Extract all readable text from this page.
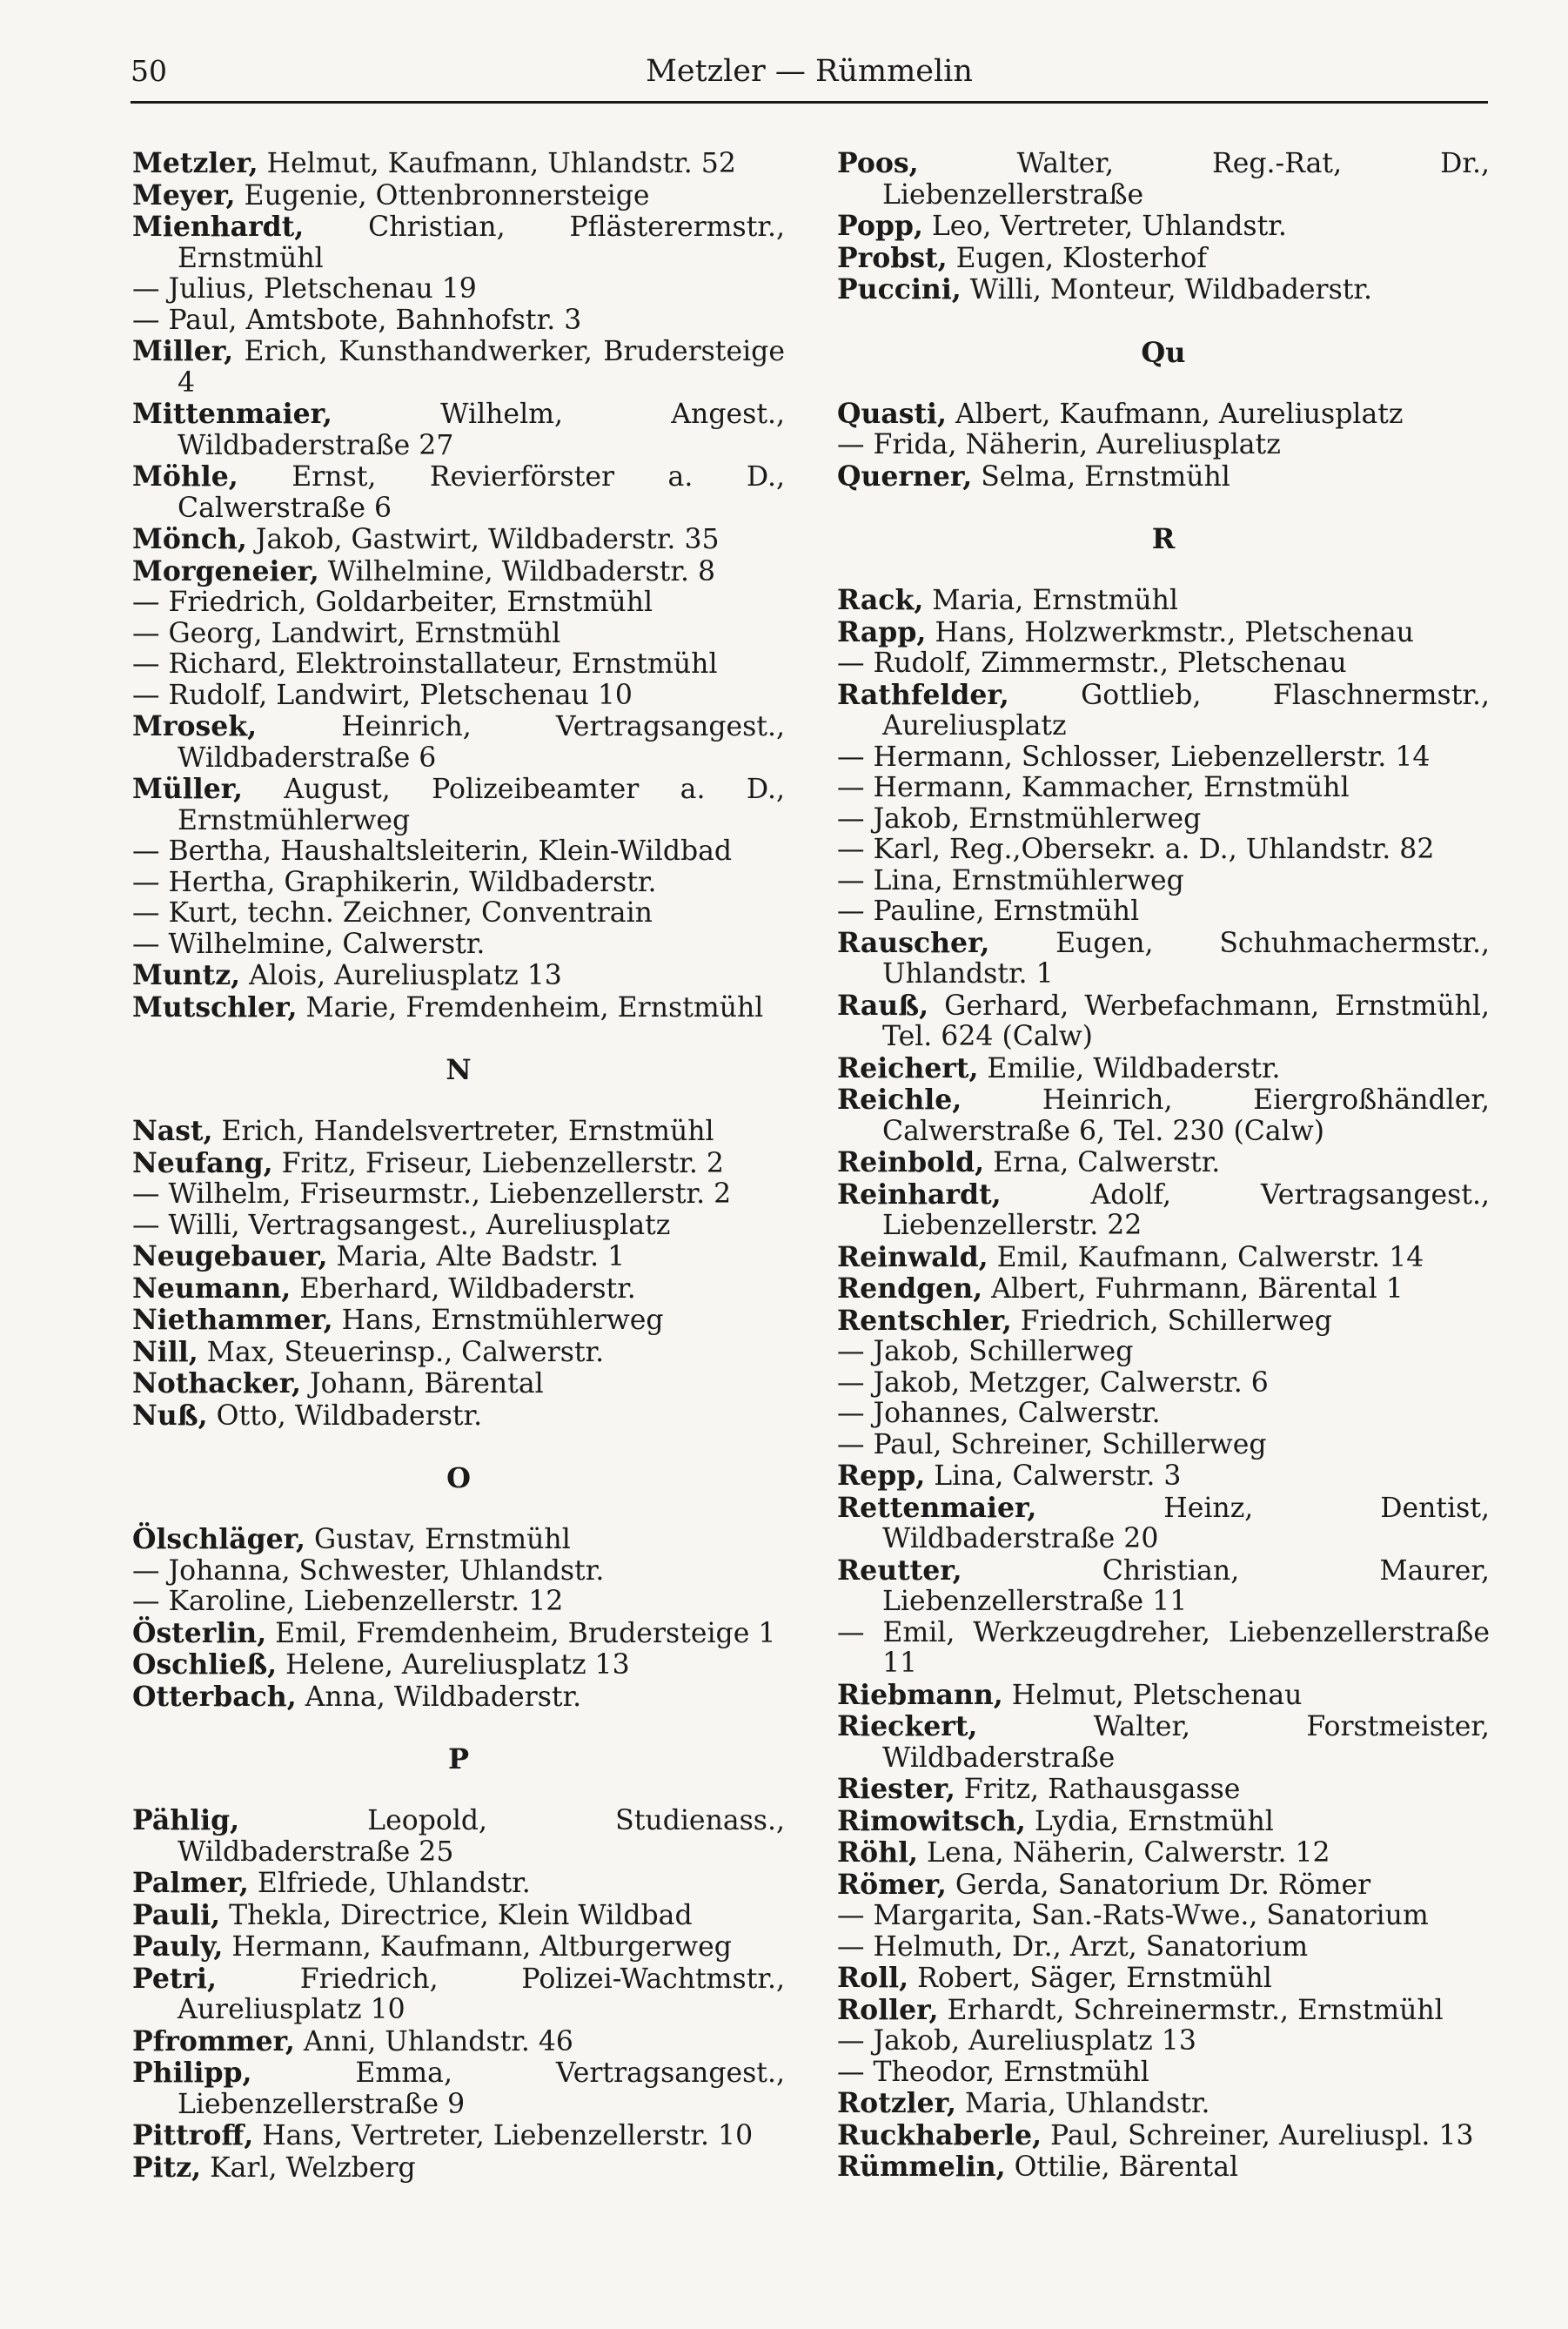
Metzler — Rümmelin
50
Metzler, Helmut, Kaufmann, Uhlandstr. 52
Meyer, Eugenie, Ottenbronnersteige
Mienhardt, Christian, Pflästerermstr., Ernstmühl
— Julius, Pletschenau 19
— Paul, Amtsbote, Bahnhofstr. 3
Miller, Erich, Kunsthandwerker, Brudersteige 4
Mittenmaier, Wilhelm, Angest., Wildbaderstraße 27
Möhle, Ernst, Revierförster a. D., Calwerstraße 6
Mönch, Jakob, Gastwirt, Wildbaderstr. 35
Morgeneier, Wilhelmine, Wildbaderstr. 8
— Friedrich, Goldarbeiter, Ernstmühl
— Georg, Landwirt, Ernstmühl
— Richard, Elektroinstallateur, Ernstmühl
— Rudolf, Landwirt, Pletschenau 10
Mrosek, Heinrich, Vertragsangest., Wildbaderstraße 6
Müller, August, Polizeibeamter a. D., Ernstmühlerweg
— Bertha, Haushaltsleiterin, Klein-Wildbad
— Hertha, Graphikerin, Wildbaderstr.
— Kurt, techn. Zeichner, Conventrain
— Wilhelmine, Calwerstr.
Muntz, Alois, Aureliusplatz 13
Mutschler, Marie, Fremdenheim, Ernstmühl
N
Nast, Erich, Handelsvertreter, Ernstmühl
Neufang, Fritz, Friseur, Liebenzellerstr. 2
— Wilhelm, Friseurmstr., Liebenzellerstr. 2
— Willi, Vertragsangest., Aureliusplatz
Neugebauer, Maria, Alte Badstr. 1
Neumann, Eberhard, Wildbaderstr.
Niethammer, Hans, Ernstmühlerweg
Nill, Max, Steuerinsp., Calwerstr.
Nothacker, Johann, Bärental
Nuß, Otto, Wildbaderstr.
O
Ölschläger, Gustav, Ernstmühl
— Johanna, Schwester, Uhlandstr.
— Karoline, Liebenzellerstr. 12
Österlin, Emil, Fremdenheim, Brudersteige 1
Oschließ, Helene, Aureliusplatz 13
Otterbach, Anna, Wildbaderstr.
P
Pählig, Leopold, Studienass., Wildbaderstraße 25
Palmer, Elfriede, Uhlandstr.
Pauli, Thekla, Directrice, Klein Wildbad
Pauly, Hermann, Kaufmann, Altburgerweg
Petri, Friedrich, Polizei-Wachtmstr., Aureliusplatz 10
Pfrommer, Anni, Uhlandstr. 46
Philipp, Emma, Vertragsangest., Liebenzellerstraße 9
Pittroff, Hans, Vertreter, Liebenzellerstr. 10
Pitz, Karl, Welzberg
Poos, Walter, Reg.-Rat, Dr., Liebenzellerstraße
Popp, Leo, Vertreter, Uhlandstr.
Probst, Eugen, Klosterhof
Puccini, Willi, Monteur, Wildbaderstr.
Qu
Quasti, Albert, Kaufmann, Aureliusplatz
— Frida, Näherin, Aureliusplatz
Querner, Selma, Ernstmühl
R
Rack, Maria, Ernstmühl
Rapp, Hans, Holzwerkmstr., Pletschenau
— Rudolf, Zimmermstr., Pletschenau
Rathfelder, Gottlieb, Flaschnermstr., Aureliusplatz
— Hermann, Schlosser, Liebenzellerstr. 14
— Hermann, Kammacher, Ernstmühl
— Jakob, Ernstmühlerweg
— Karl, Reg.,Obersekr. a. D., Uhlandstr. 82
— Lina, Ernstmühlerweg
— Pauline, Ernstmühl
Rauscher, Eugen, Schuhmachermstr., Uhlandstr. 1
Rauß, Gerhard, Werbefachmann, Ernstmühl, Tel. 624 (Calw)
Reichert, Emilie, Wildbaderstr.
Reichle, Heinrich, Eiergroßhändler, Calwerstraße 6, Tel. 230 (Calw)
Reinbold, Erna, Calwerstr.
Reinhardt, Adolf, Vertragsangest., Liebenzellerstr. 22
Reinwald, Emil, Kaufmann, Calwerstr. 14
Rendgen, Albert, Fuhrmann, Bärental 1
Rentschler, Friedrich, Schillerweg
— Jakob, Schillerweg
— Jakob, Metzger, Calwerstr. 6
— Johannes, Calwerstr.
— Paul, Schreiner, Schillerweg
Repp, Lina, Calwerstr. 3
Rettenmaier, Heinz, Dentist, Wildbaderstraße 20
Reutter, Christian, Maurer, Liebenzellerstraße 11
— Emil, Werkzeugdreher, Liebenzellerstraße 11
Riebmann, Helmut, Pletschenau
Rieckert, Walter, Forstmeister, Wildbaderstraße
Riester, Fritz, Rathausgasse
Rimowitsch, Lydia, Ernstmühl
Röhl, Lena, Näherin, Calwerstr. 12
Römer, Gerda, Sanatorium Dr. Römer
— Margarita, San.-Rats-Wwe., Sanatorium
— Helmuth, Dr., Arzt, Sanatorium
Roll, Robert, Säger, Ernstmühl
Roller, Erhardt, Schreinermstr., Ernstmühl
— Jakob, Aureliusplatz 13
— Theodor, Ernstmühl
Rotzler, Maria, Uhlandstr.
Ruckhaberle, Paul, Schreiner, Aureliuspl. 13
Rümmelin, Ottilie, Bärental
